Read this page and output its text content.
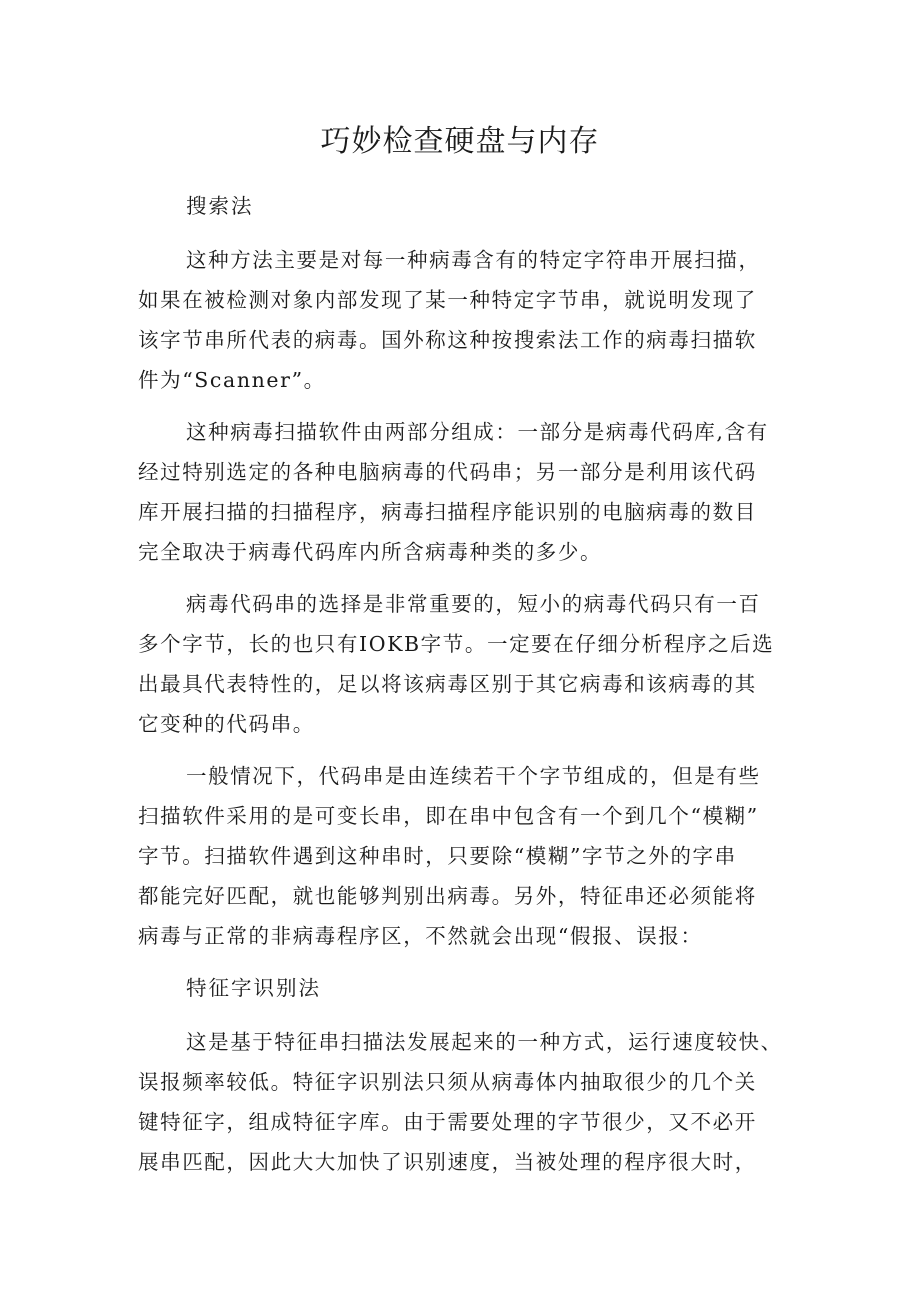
巧妙检查硬盘与内存

搜索法

这种方法主要是对每一种病毒含有的特定字符串开展扫描，
如果在被检测对象内部发现了某一种特定字节串，就说明发现了
该字节串所代表的病毒。国外称这种按搜索法工作的病毒扫描软
件为“Scanner”。

这种病毒扫描软件由两部分组成：一部分是病毒代码库,含有
经过特别选定的各种电脑病毒的代码串；另一部分是利用该代码
库开展扫描的扫描程序，病毒扫描程序能识别的电脑病毒的数目
完全取决于病毒代码库内所含病毒种类的多少。

病毒代码串的选择是非常重要的，短小的病毒代码只有一百
多个字节，长的也只有IOKB字节。一定要在仔细分析程序之后选
出最具代表特性的，足以将该病毒区别于其它病毒和该病毒的其
它变种的代码串。

一般情况下，代码串是由连续若干个字节组成的，但是有些
扫描软件采用的是可变长串，即在串中包含有一个到几个“模糊”
字节。扫描软件遇到这种串时，只要除“模糊”字节之外的字串
都能完好匹配，就也能够判别出病毒。另外，特征串还必须能将
病毒与正常的非病毒程序区，不然就会出现“假报、误报：

特征字识别法

这是基于特征串扫描法发展起来的一种方式，运行速度较快、
误报频率较低。特征字识别法只须从病毒体内抽取很少的几个关
键特征字，组成特征字库。由于需要处理的字节很少，又不必开
展串匹配，因此大大加快了识别速度，当被处理的程序很大时，
